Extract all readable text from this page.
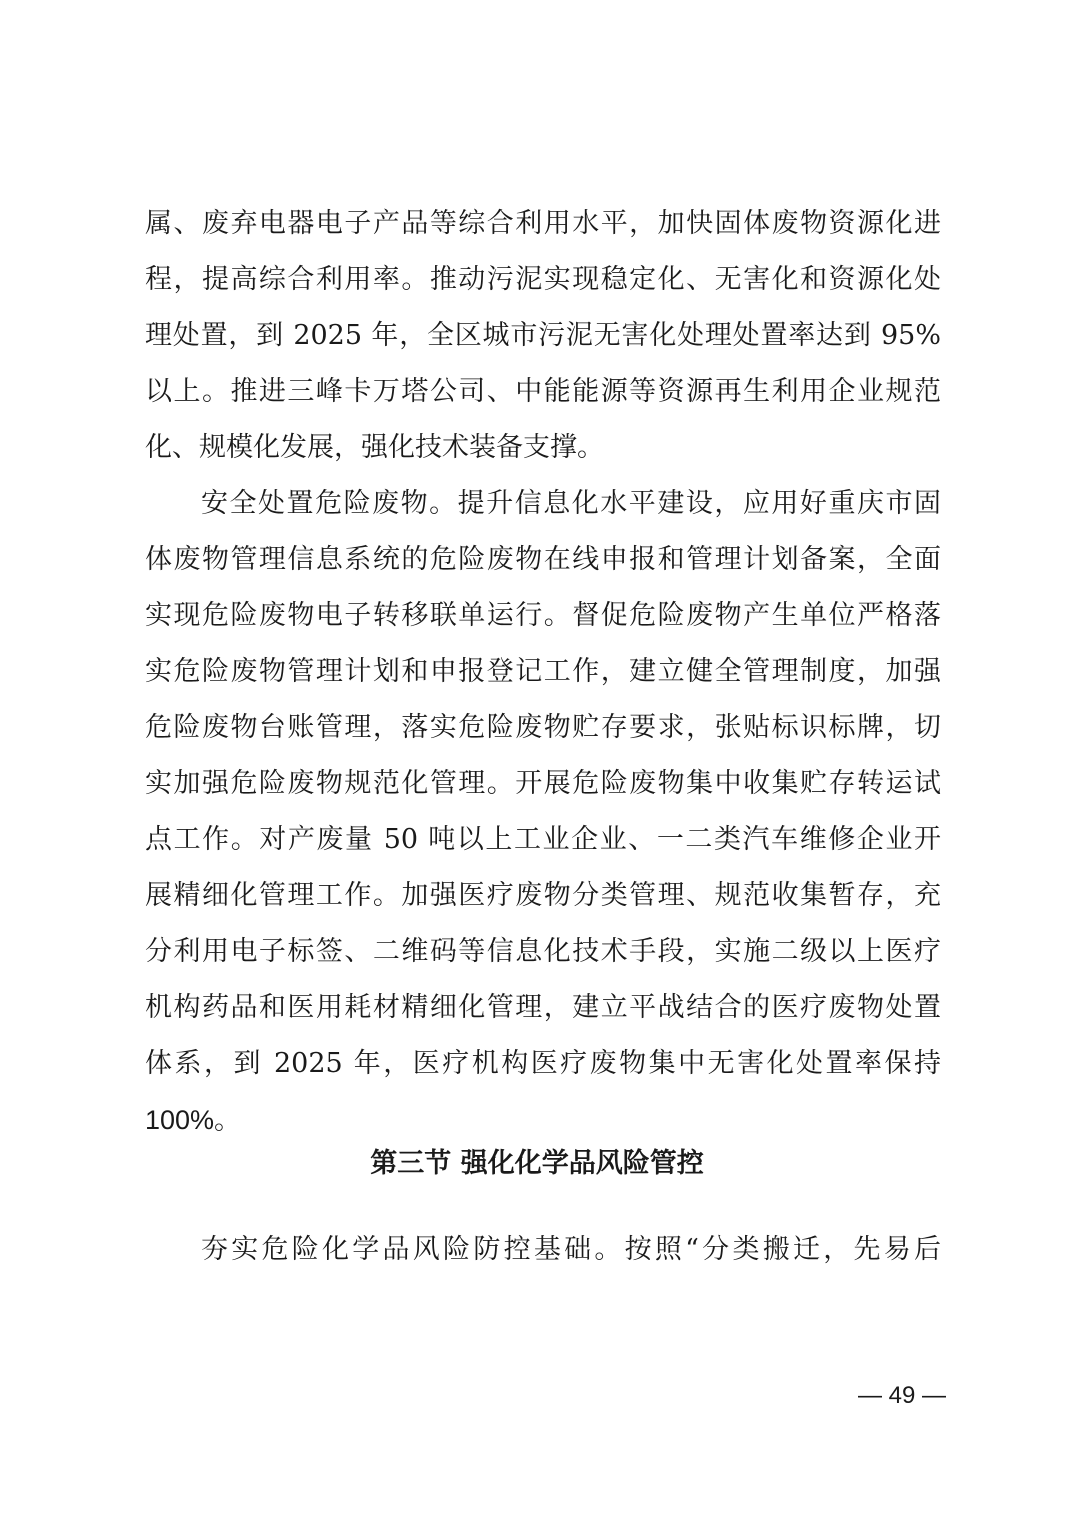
属、废弃电器电子产品等综合利用水平，加快固体废物资源化进
程，提高综合利用率。推动污泥实现稳定化、无害化和资源化处
理处置，到 2025 年，全区城市污泥无害化处理处置率达到 95%
以上。推进三峰卡万塔公司、中能能源等资源再生利用企业规范
化、规模化发展，强化技术装备支撑。
安全处置危险废物。提升信息化水平建设，应用好重庆市固
体废物管理信息系统的危险废物在线申报和管理计划备案，全面
实现危险废物电子转移联单运行。督促危险废物产生单位严格落
实危险废物管理计划和申报登记工作，建立健全管理制度，加强
危险废物台账管理，落实危险废物贮存要求，张贴标识标牌，切
实加强危险废物规范化管理。开展危险废物集中收集贮存转运试
点工作。对产废量 50 吨以上工业企业、一二类汽车维修企业开
展精细化管理工作。加强医疗废物分类管理、规范收集暂存，充
分利用电子标签、二维码等信息化技术手段，实施二级以上医疗
机构药品和医用耗材精细化管理，建立平战结合的医疗废物处置
体系，到 2025 年，医疗机构医疗废物集中无害化处置率保持
100%。
第三节 强化化学品风险管控
夯实危险化学品风险防控基础。按照“分类搬迁，先易后
— 49 —
